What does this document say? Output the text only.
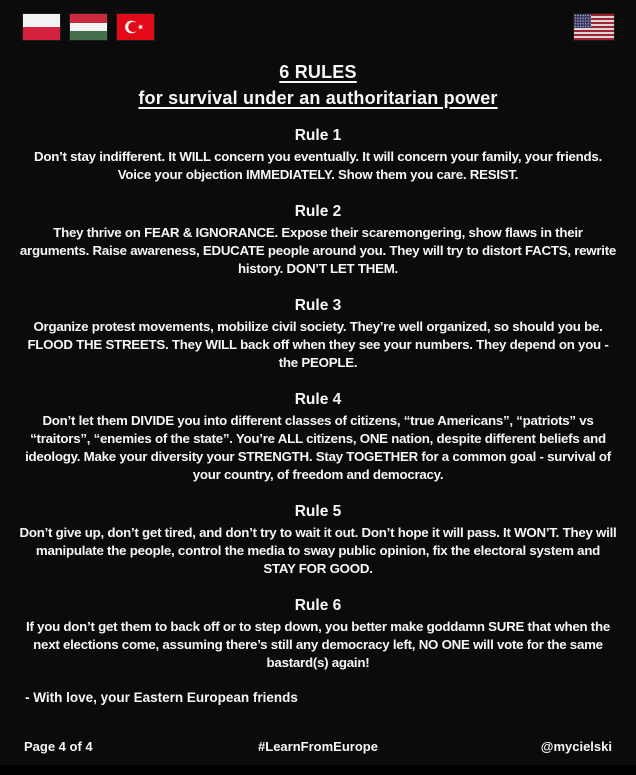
6 RULES
for survival under an authoritarian power
Rule 1

Don’t stay indifferent. It WILL concern you eventually. It will concern your family, your friends. Voice your objection IMMEDIATELY. Show them you care. RESIST.

Rule 2

They thrive on FEAR & IGNORANCE. Expose their scaremongering, show flaws in their arguments. Raise awareness, EDUCATE people around you. They will try to distort FACTS, rewrite history. DON’T LET THEM.

Rule 3

Organize protest movements, mobilize civil society. They’re well organized, so should you be. FLOOD THE STREETS. They WILL back off when they see your numbers. They depend on you - the PEOPLE.

Rule 4

Don’t let them DIVIDE you into different classes of citizens, “true Americans”, “patriots” vs “traitors”, “enemies of the state”. You’re ALL citizens, ONE nation, despite different beliefs and ideology. Make your diversity your STRENGTH. Stay TOGETHER for a common goal - survival of your country, of freedom and democracy.

Rule 5

Don’t give up, don’t get tired, and don’t try to wait it out. Don’t hope it will pass. It WON’T. They will manipulate the people, control the media to sway public opinion, fix the electoral system and STAY FOR GOOD.

Rule 6

If you don’t get them to back off or to step down, you better make goddamn SURE that when the next elections come, assuming there’s still any democracy left, NO ONE will vote for the same bastard(s) again!

- With love, your Eastern European friends
Page 4 of 4	#LearnFromEurope	@mycielski
